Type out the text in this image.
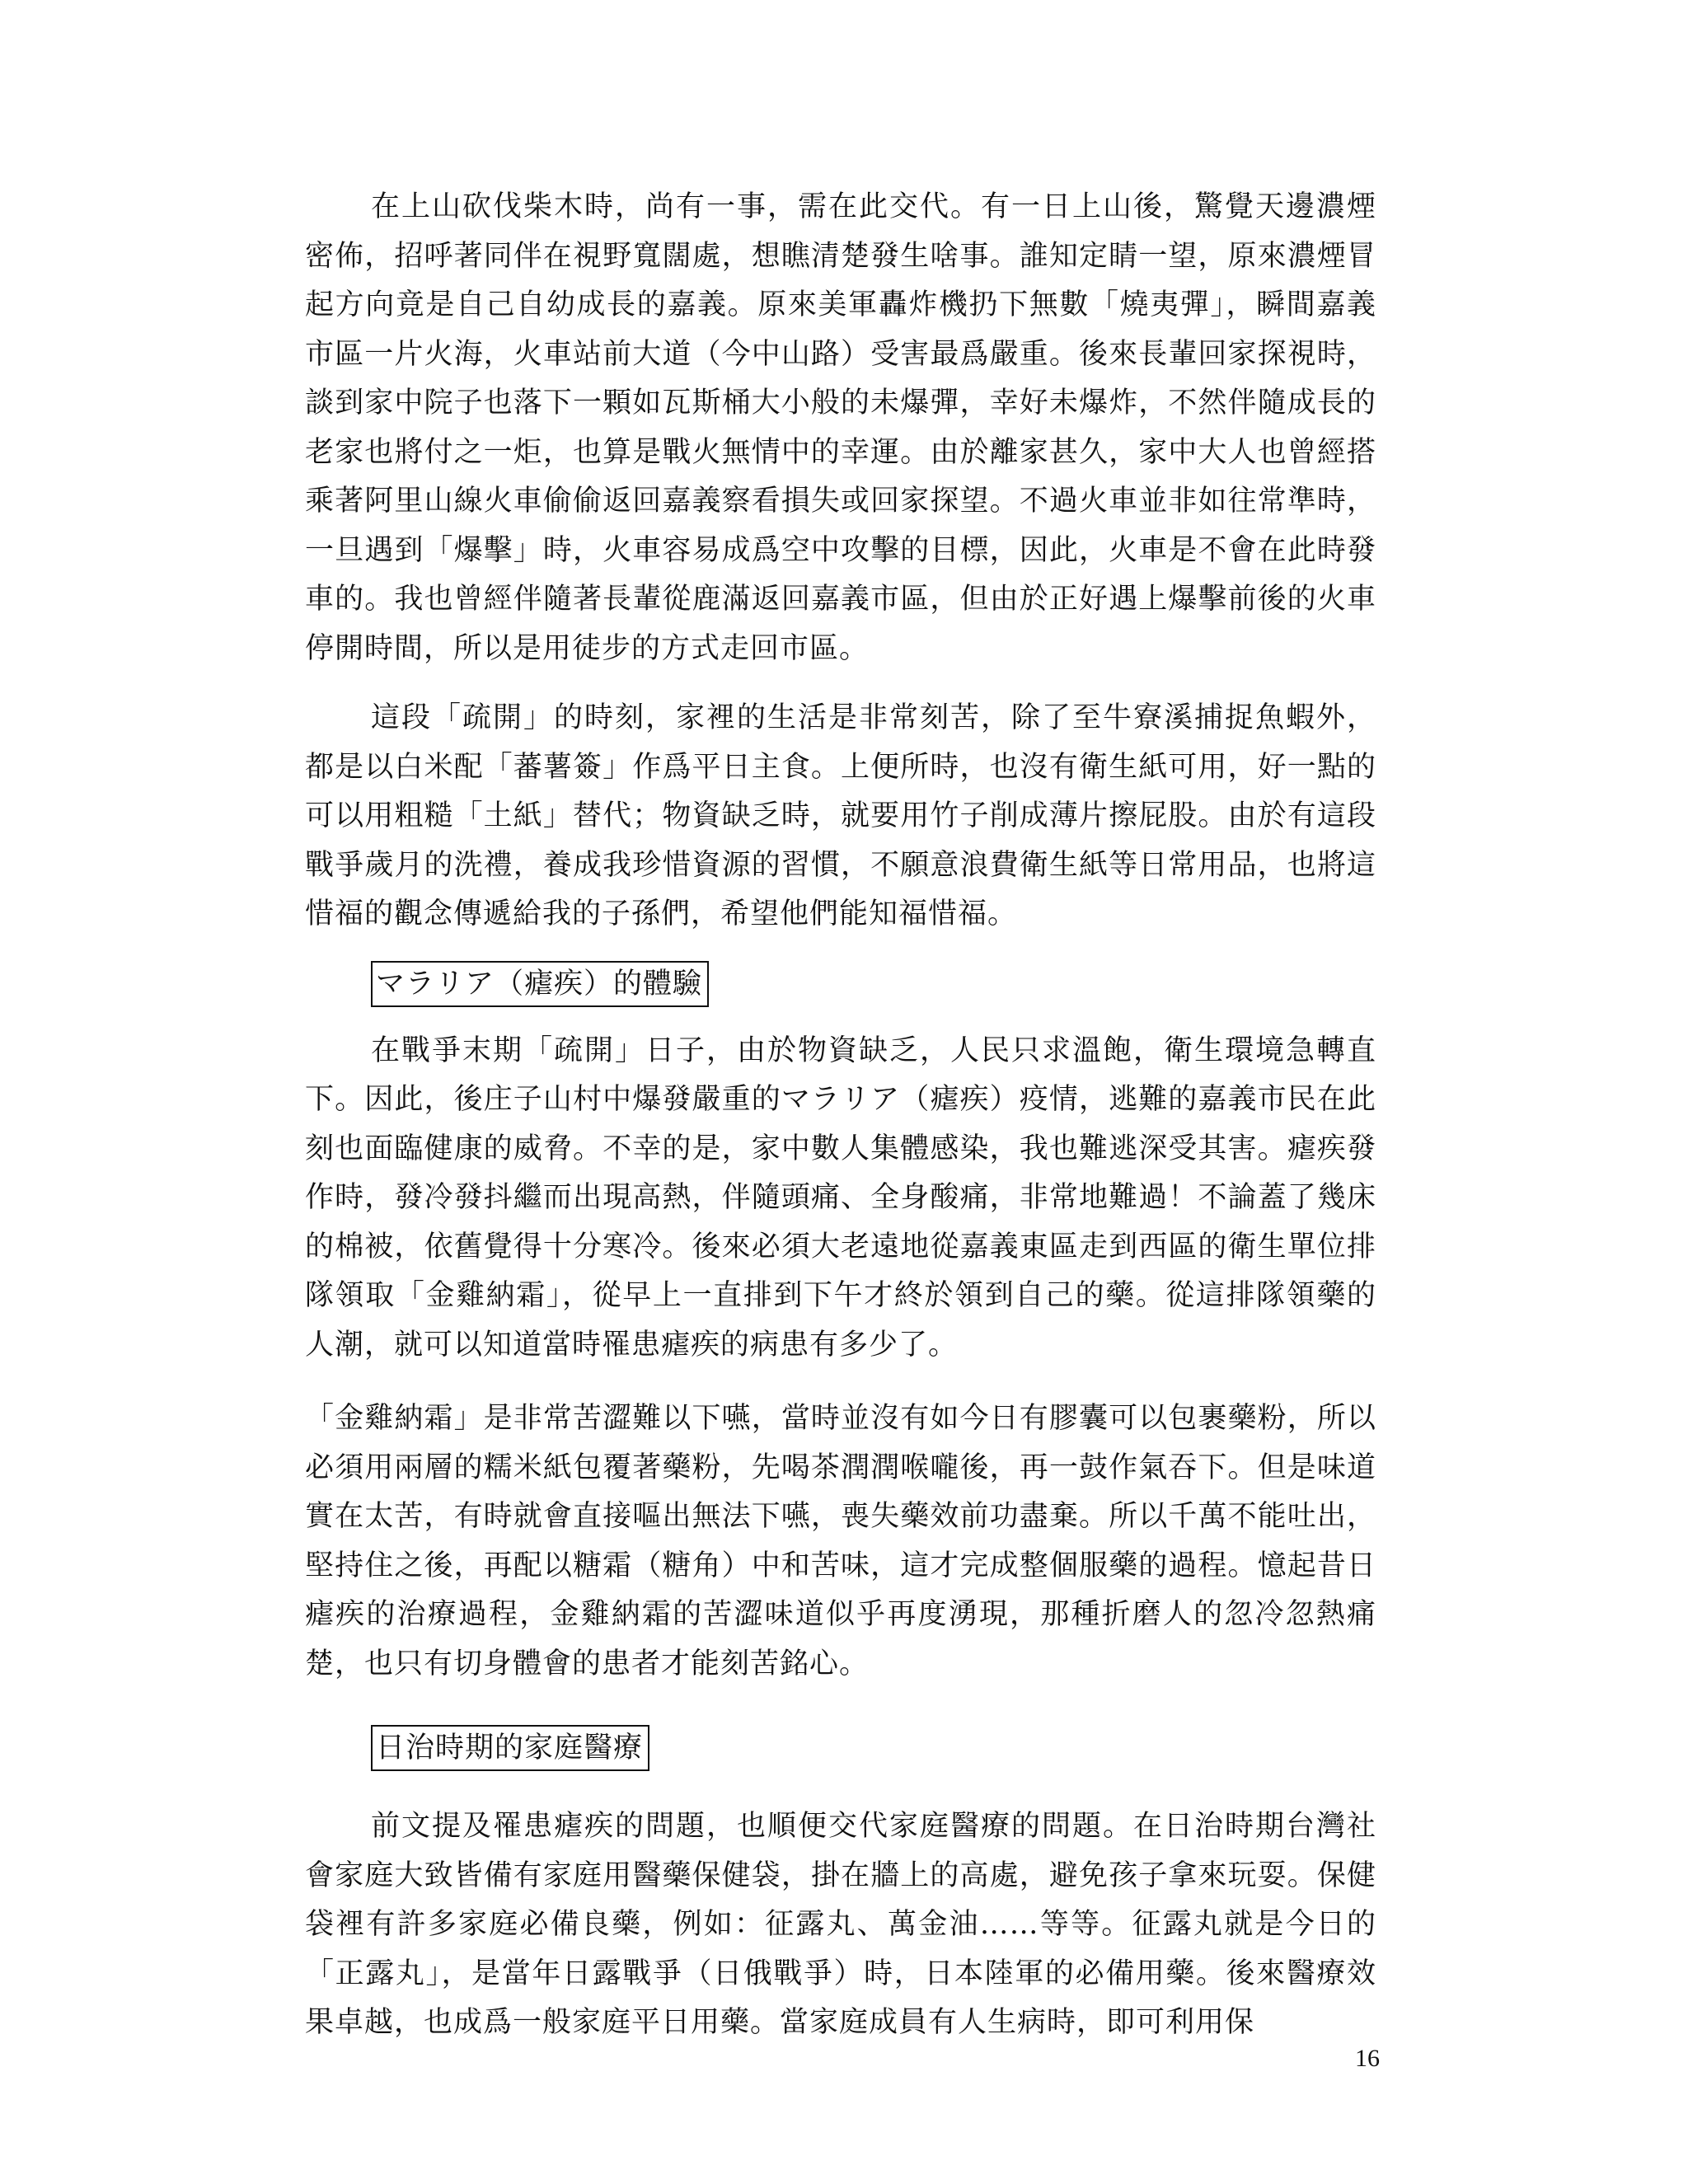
在上山砍伐柴木時，尚有一事，需在此交代。有一日上山後，驚覺天邊濃煙密佈，招呼著同伴在視野寬闊處，想瞧清楚發生啥事。誰知定睛一望，原來濃煙冒起方向竟是自己自幼成長的嘉義。原來美軍轟炸機扔下無數「燒夷彈」，瞬間嘉義市區一片火海，火車站前大道（今中山路）受害最爲嚴重。後來長輩回家探視時，談到家中院子也落下一顆如瓦斯桶大小般的未爆彈，幸好未爆炸，不然伴隨成長的老家也將付之一炬，也算是戰火無情中的幸運。由於離家甚久，家中大人也曾經搭乘著阿里山線火車偷偷返回嘉義察看損失或回家探望。不過火車並非如往常準時，一旦遇到「爆擊」時，火車容易成爲空中攻擊的目標，因此，火車是不會在此時發車的。我也曾經伴隨著長輩從鹿滿返回嘉義市區，但由於正好遇上爆擊前後的火車停開時間，所以是用徒步的方式走回市區。

這段「疏開」的時刻，家裡的生活是非常刻苦，除了至牛寮溪捕捉魚蝦外，都是以白米配「蕃薯簽」作爲平日主食。上便所時，也沒有衛生紙可用，好一點的可以用粗糙「土紙」替代；物資缺乏時，就要用竹子削成薄片擦屁股。由於有這段戰爭歲月的洗禮，養成我珍惜資源的習慣，不願意浪費衛生紙等日常用品，也將這惜福的觀念傳遞給我的子孫們，希望他們能知福惜福。

マラリア（瘧疾）的體驗

在戰爭末期「疏開」日子，由於物資缺乏，人民只求溫飽，衛生環境急轉直下。因此，後庄子山村中爆發嚴重的マラリア（瘧疾）疫情，逃難的嘉義市民在此刻也面臨健康的威脅。不幸的是，家中數人集體感染，我也難逃深受其害。瘧疾發作時，發冷發抖繼而出現高熱，伴隨頭痛、全身酸痛，非常地難過！不論蓋了幾床的棉被，依舊覺得十分寒冷。後來必須大老遠地從嘉義東區走到西區的衛生單位排隊領取「金雞納霜」，從早上一直排到下午才終於領到自己的藥。從這排隊領藥的人潮，就可以知道當時罹患瘧疾的病患有多少了。

「金雞納霜」是非常苦澀難以下嚥，當時並沒有如今日有膠囊可以包裹藥粉，所以必須用兩層的糯米紙包覆著藥粉，先喝茶潤潤喉嚨後，再一鼓作氣吞下。但是味道實在太苦，有時就會直接嘔出無法下嚥，喪失藥效前功盡棄。所以千萬不能吐出，堅持住之後，再配以糖霜（糖角）中和苦味，這才完成整個服藥的過程。憶起昔日瘧疾的治療過程，金雞納霜的苦澀味道似乎再度湧現，那種折磨人的忽冷忽熱痛楚，也只有切身體會的患者才能刻苦銘心。

日治時期的家庭醫療

前文提及罹患瘧疾的問題，也順便交代家庭醫療的問題。在日治時期台灣社會家庭大致皆備有家庭用醫藥保健袋，掛在牆上的高處，避免孩子拿來玩耍。保健袋裡有許多家庭必備良藥，例如：征露丸、萬金油……等等。征露丸就是今日的「正露丸」，是當年日露戰爭（日俄戰爭）時，日本陸軍的必備用藥。後來醫療效果卓越，也成爲一般家庭平日用藥。當家庭成員有人生病時，即可利用保

16
